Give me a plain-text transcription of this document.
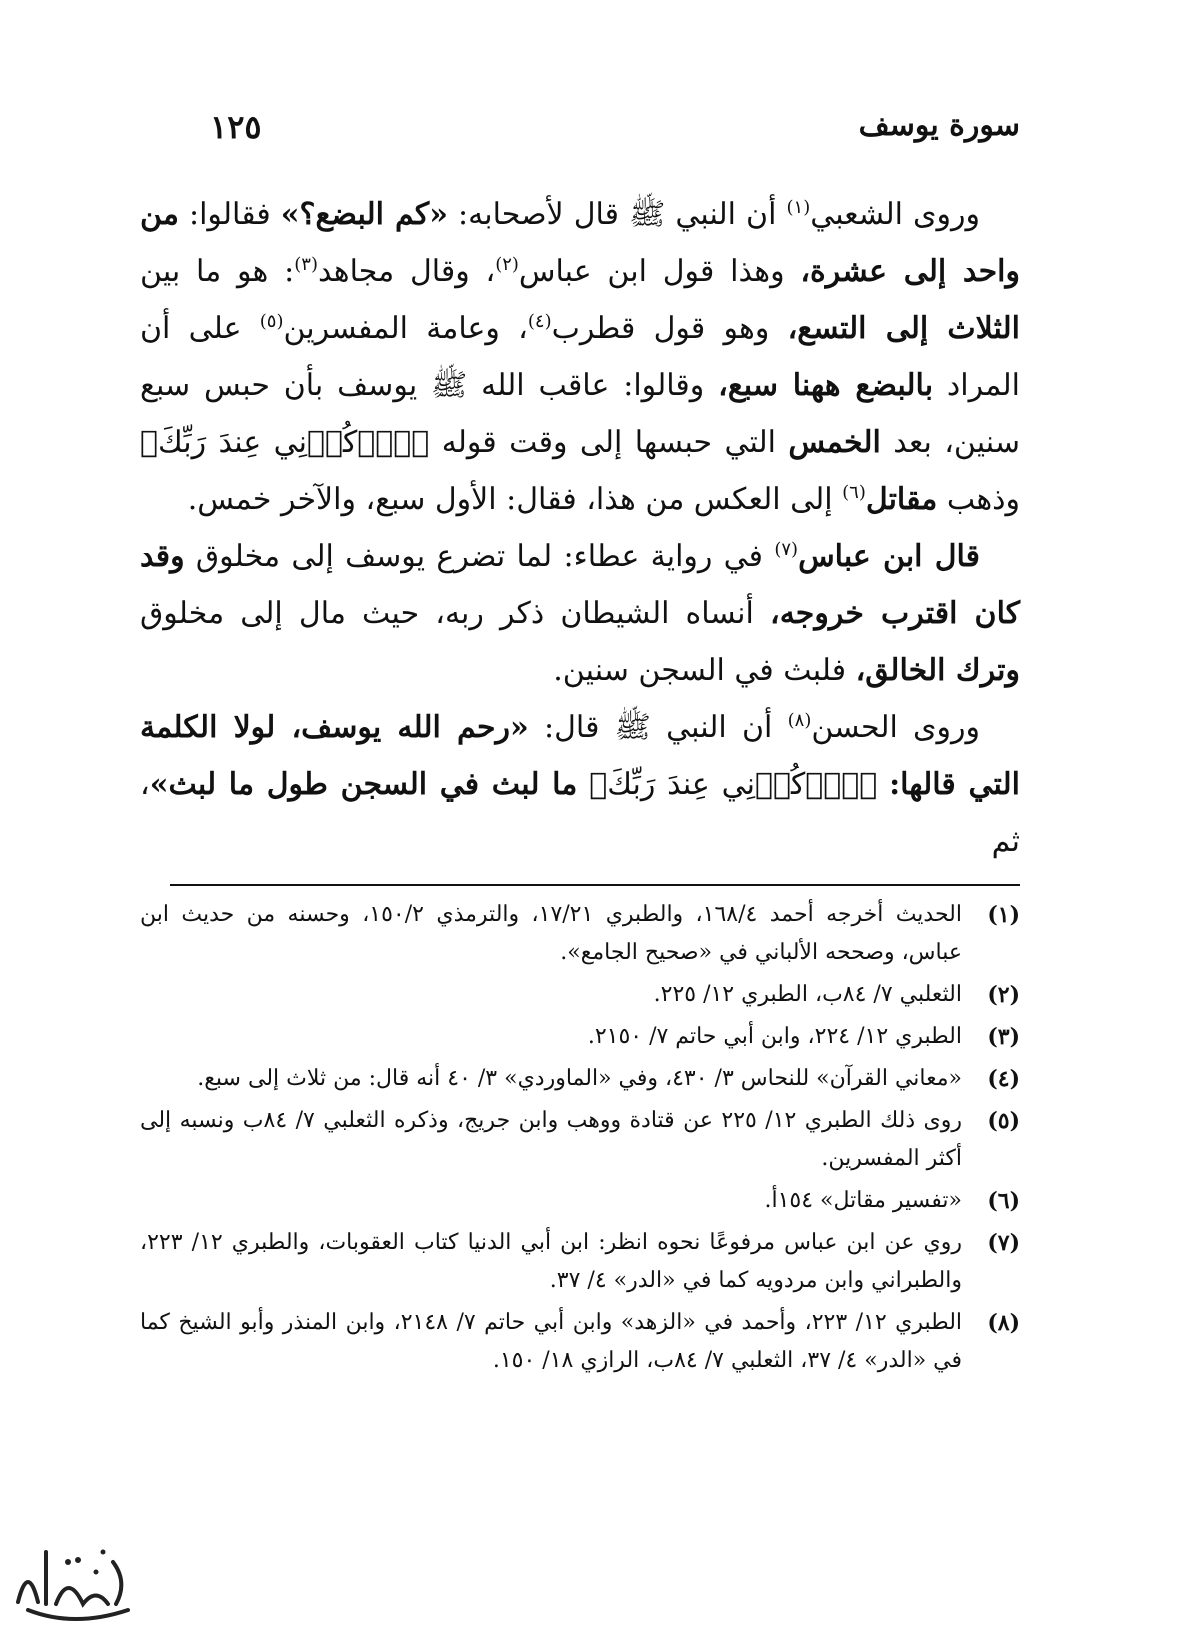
سورة يوسف
١٢٥

وروى الشعبي$^{(١)}$ أن النبي ﷺ قال لأصحابه: «كم البضع؟» فقالوا: من واحد إلى عشرة، وهذا قول ابن عباس$^{(٢)}$، وقال مجاهد$^{(٣)}$: هو ما بين الثلاث إلى التسع، وهو قول قطرب$^{(٤)}$، وعامة المفسرين$^{(٥)}$ على أن المراد بالبضع ههنا سبع، وقالوا: عاقب الله ﷺ يوسف بأن حبس سبع سنين، بعد الخمس التي حبسها إلى وقت قوله ﴿ٱذۡكُرۡنِي عِندَ رَبِّكَ﴾ وذهب مقاتل$^{(٦)}$ إلى العكس من هذا، فقال: الأول سبع، والآخر خمس.

قال ابن عباس$^{(٧)}$ في رواية عطاء: لما تضرع يوسف إلى مخلوق وقد كان اقترب خروجه، أنساه الشيطان ذكر ربه، حيث مال إلى مخلوق وترك الخالق، فلبث في السجن سنين.

وروى الحسن$^{(٨)}$ أن النبي ﷺ قال: «رحم الله يوسف، لولا الكلمة التي قالها: ﴿ٱذۡكُرۡنِي عِندَ رَبِّكَ﴾ ما لبث في السجن طول ما لبث»، ثم

(١)
الحديث أخرجه أحمد ١٦٨/٤، والطبري ١٧/٢١، والترمذي ١٥٠/٢، وحسنه من حديث ابن عباس، وصححه الألباني في «صحيح الجامع».
(٢)
الثعلبي ٧/ ٨٤ب، الطبري ١٢/ ٢٢٥.
(٣)
الطبري ١٢/ ٢٢٤، وابن أبي حاتم ٧/ ٢١٥٠.
(٤)
«معاني القرآن» للنحاس ٣/ ٤٣٠، وفي «الماوردي» ٣/ ٤٠ أنه قال: من ثلاث إلى سبع.
(٥)
روى ذلك الطبري ١٢/ ٢٢٥ عن قتادة ووهب وابن جريج، وذكره الثعلبي ٧/ ٨٤ب ونسبه إلى أكثر المفسرين.
(٦)
«تفسير مقاتل» ١٥٤أ.
(٧)
روي عن ابن عباس مرفوعًا نحوه انظر: ابن أبي الدنيا كتاب العقوبات، والطبري ١٢/ ٢٢٣، والطبراني وابن مردويه كما في «الدر» ٤/ ٣٧.
(٨)
الطبري ١٢/ ٢٢٣، وأحمد في «الزهد» وابن أبي حاتم ٧/ ٢١٤٨، وابن المنذر وأبو الشيخ كما في «الدر» ٤/ ٣٧، الثعلبي ٧/ ٨٤ب، الرازي ١٨/ ١٥٠.
